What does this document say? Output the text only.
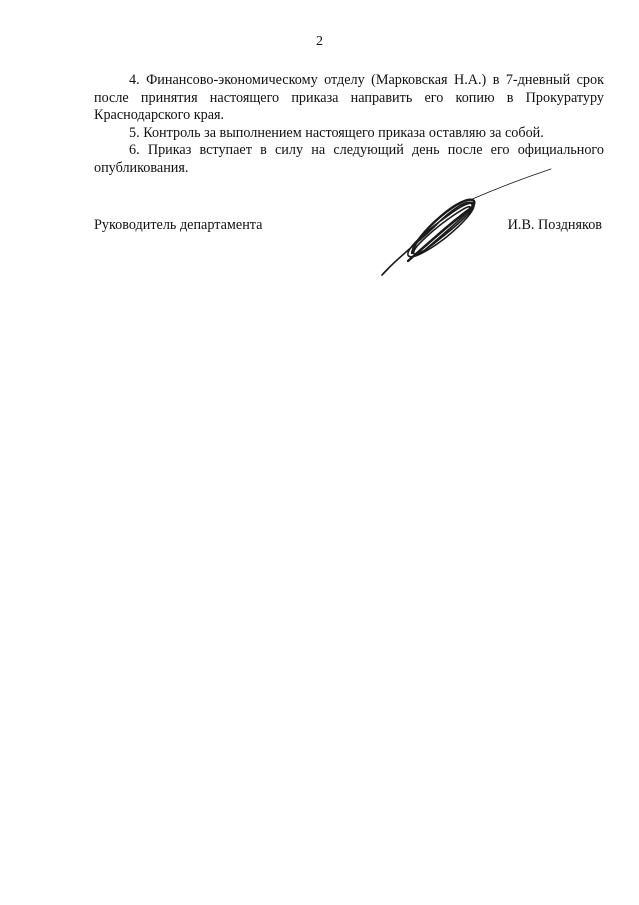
2

4. Финансово-экономическому отделу (Марковская Н.А.) в 7-дневный срок после принятия настоящего приказа направить его копию в Прокуратуру Краснодарского края.

5. Контроль за выполнением настоящего приказа оставляю за собой.

6. Приказ вступает в силу на следующий день после его официального опубликования.

Руководитель департамента	И.В. Поздняков
